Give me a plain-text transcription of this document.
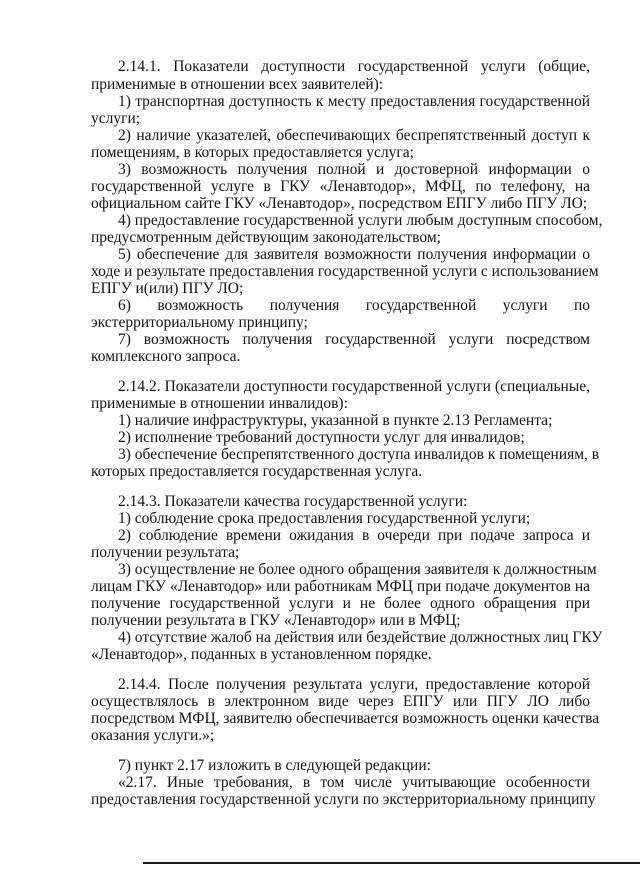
2.14.1. Показатели доступности государственной услуги (общие,
применимые в отношении всех заявителей):
1) транспортная доступность к месту предоставления государственной
услуги;
2) наличие указателей, обеспечивающих беспрепятственный доступ к
помещениям, в которых предоставляется услуга;
3) возможность получения полной и достоверной информации о
государственной услуге в ГКУ «Ленавтодор», МФЦ, по телефону, на
официальном сайте ГКУ «Ленавтодор», посредством ЕПГУ либо ПГУ ЛО;
4) предоставление государственной услуги любым доступным способом,
предусмотренным действующим законодательством;
5) обеспечение для заявителя возможности получения информации о
ходе и результате предоставления государственной услуги с использованием
ЕПГУ и(или) ПГУ ЛО;
6) возможность получения государственной услуги по
экстерриториальному принципу;
7) возможность получения государственной услуги посредством
комплексного запроса.
2.14.2. Показатели доступности государственной услуги (специальные,
применимые в отношении инвалидов):
1) наличие инфраструктуры, указанной в пункте 2.13 Регламента;
2) исполнение требований доступности услуг для инвалидов;
3) обеспечение беспрепятственного доступа инвалидов к помещениям, в
которых предоставляется государственная услуга.
2.14.3. Показатели качества государственной услуги:
1) соблюдение срока предоставления государственной услуги;
2) соблюдение времени ожидания в очереди при подаче запроса и
получении результата;
3) осуществление не более одного обращения заявителя к должностным
лицам ГКУ «Ленавтодор» или работникам МФЦ при подаче документов на
получение государственной услуги и не более одного обращения при
получении результата в ГКУ «Ленавтодор» или в МФЦ;
4) отсутствие жалоб на действия или бездействие должностных лиц ГКУ
«Ленавтодор», поданных в установленном порядке.
2.14.4. После получения результата услуги, предоставление которой
осуществлялось в электронном виде через ЕПГУ или ПГУ ЛО либо
посредством МФЦ, заявителю обеспечивается возможность оценки качества
оказания услуги.»;
7) пункт 2.17 изложить в следующей редакции:
«2.17. Иные требования, в том числе учитывающие особенности
предоставления государственной услуги по экстерриториальному принципу
